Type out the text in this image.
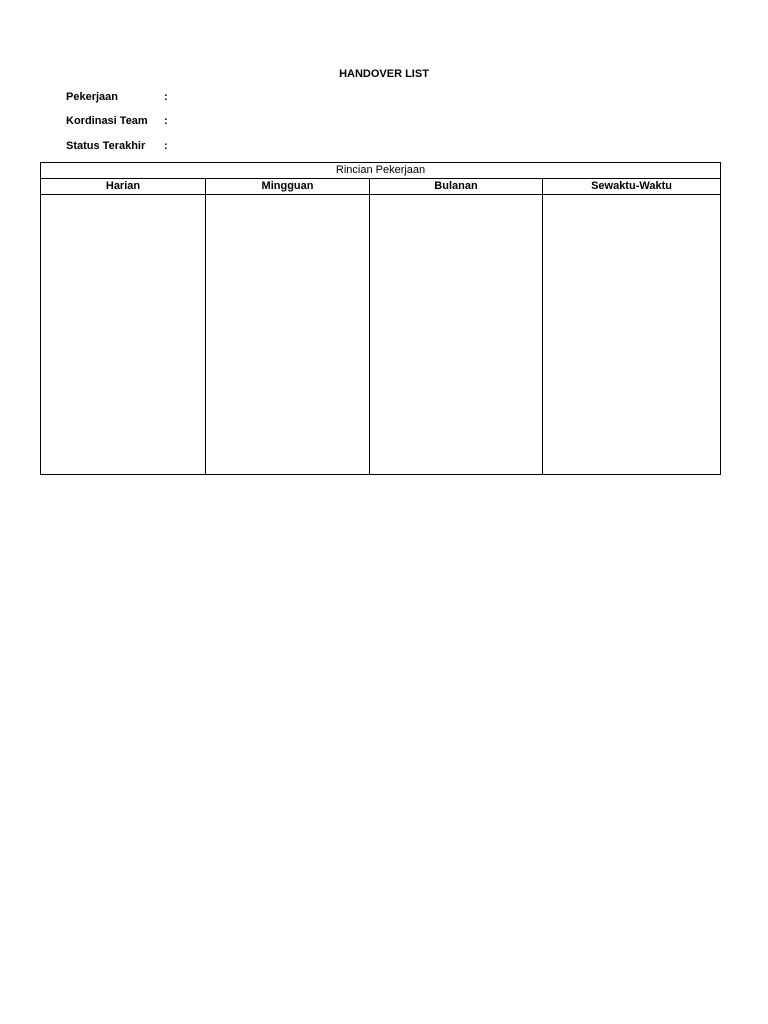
HANDOVER LIST
Pekerjaan	:
Kordinasi Team :
Status Terakhir :
Rincian Pekerjaan			
Harian	Mingguan	Bulanan	Sewaktu-Waktu
